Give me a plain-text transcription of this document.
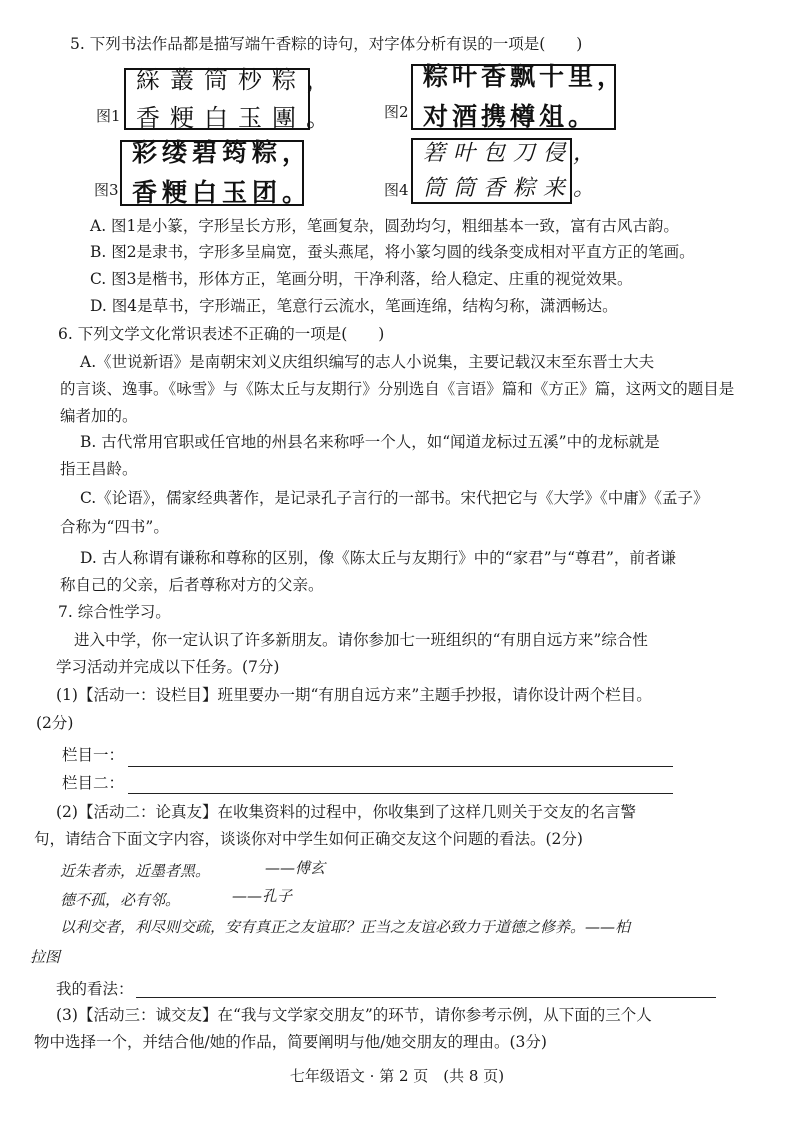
5. 下列书法作品都是描写端午香粽的诗句，对字体分析有误的一项是(　　)
图1
綵叢筒杪粽，
香粳白玉團。	图2
粽叶香飘十里，
对酒携樽俎。
图3
彩缕碧筠粽，
香粳白玉团。	图4
箬叶包刀侵，
筒筒香粽来。
A. 图1是小篆，字形呈长方形，笔画复杂，圆劲均匀，粗细基本一致，富有古风古韵。
B. 图2是隶书，字形多呈扁宽，蚕头燕尾，将小篆匀圆的线条变成相对平直方正的笔画。
C. 图3是楷书，形体方正，笔画分明，干净利落，给人稳定、庄重的视觉效果。
D. 图4是草书，字形端正，笔意行云流水，笔画连绵，结构匀称，潇洒畅达。
6. 下列文学文化常识表述不正确的一项是(　　)
A.《世说新语》是南朝宋刘义庆组织编写的志人小说集，主要记载汉末至东晋士大夫
的言谈、逸事。《咏雪》与《陈太丘与友期行》分别选自《言语》篇和《方正》篇，这两文的题目是
编者加的。
B. 古代常用官职或任官地的州县名来称呼一个人，如“闻道龙标过五溪”中的龙标就是
指王昌龄。
C.《论语》，儒家经典著作，是记录孔子言行的一部书。宋代把它与《大学》《中庸》《孟子》
合称为“四书”。
D. 古人称谓有谦称和尊称的区别，像《陈太丘与友期行》中的“家君”与“尊君”，前者谦
称自己的父亲，后者尊称对方的父亲。
7. 综合性学习。
进入中学，你一定认识了许多新朋友。请你参加七一班组织的“有朋自远方来”综合性
学习活动并完成以下任务。(7分)
(1)【活动一：设栏目】班里要办一期“有朋自远方来”主题手抄报，请你设计两个栏目。
(2分)
栏目一：
栏目二：
(2)【活动二：论真友】在收集资料的过程中，你收集到了这样几则关于交友的名言警
句，请结合下面文字内容，谈谈你对中学生如何正确交友这个问题的看法。(2分)
近朱者赤，近墨者黑。	——傅玄
德不孤，必有邻。	——孔子
以利交者，利尽则交疏，安有真正之友谊耶？正当之友谊必致力于道德之修养。——柏
拉图
我的看法：
(3)【活动三：诚交友】在“我与文学家交朋友”的环节，请你参考示例，从下面的三个人
物中选择一个，并结合他/她的作品，简要阐明与他/她交朋友的理由。(3分)
七年级语文 · 第 2 页　(共 8 页)
